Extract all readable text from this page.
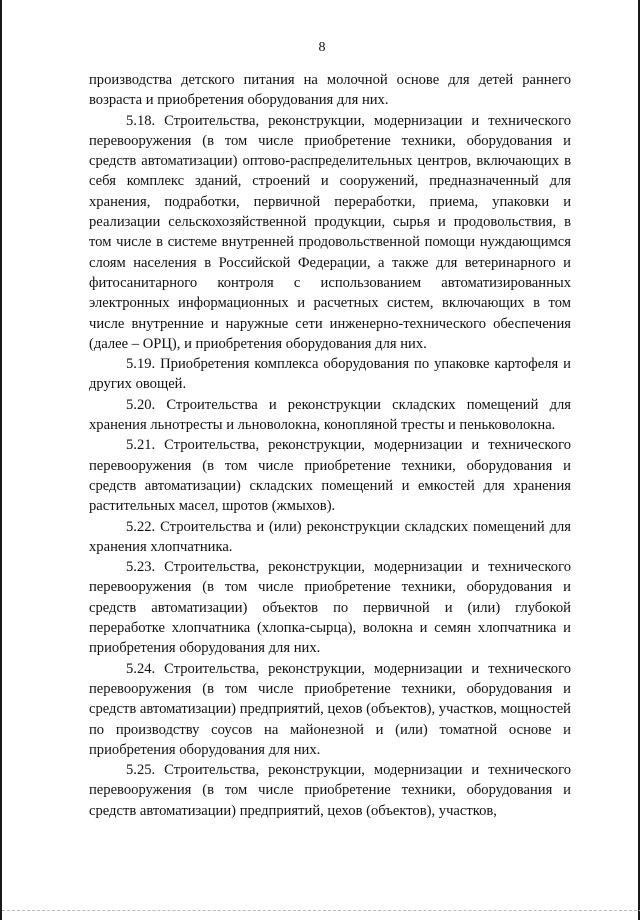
8

производства детского питания на молочной основе для детей раннего возраста и приобретения оборудования для них.

5.18. Строительства, реконструкции, модернизации и технического перевооружения (в том числе приобретение техники, оборудования и средств автоматизации) оптово-распределительных центров, включающих в себя комплекс зданий, строений и сооружений, предназначенный для хранения, подработки, первичной переработки, приема, упаковки и реализации сельскохозяйственной продукции, сырья и продовольствия, в том числе в системе внутренней продовольственной помощи нуждающимся слоям населения в Российской Федерации, а также для ветеринарного и фитосанитарного контроля с использованием автоматизированных электронных информационных и расчетных систем, включающих в том числе внутренние и наружные сети инженерно-технического обеспечения (далее – ОРЦ), и приобретения оборудования для них.

5.19. Приобретения комплекса оборудования по упаковке картофеля и других овощей.

5.20. Строительства и реконструкции складских помещений для хранения льнотресты и льноволокна, конопляной тресты и пеньковолокна.

5.21. Строительства, реконструкции, модернизации и технического перевооружения (в том числе приобретение техники, оборудования и средств автоматизации) складских помещений и емкостей для хранения растительных масел, шротов (жмыхов).

5.22. Строительства и (или) реконструкции складских помещений для хранения хлопчатника.

5.23. Строительства, реконструкции, модернизации и технического перевооружения (в том числе приобретение техники, оборудования и средств автоматизации) объектов по первичной и (или) глубокой переработке хлопчатника (хлопка-сырца), волокна и семян хлопчатника и приобретения оборудования для них.

5.24. Строительства, реконструкции, модернизации и технического перевооружения (в том числе приобретение техники, оборудования и средств автоматизации) предприятий, цехов (объектов), участков, мощностей по производству соусов на майонезной и (или) томатной основе и приобретения оборудования для них.

5.25. Строительства, реконструкции, модернизации и технического перевооружения (в том числе приобретение техники, оборудования и средств автоматизации) предприятий, цехов (объектов), участков,
